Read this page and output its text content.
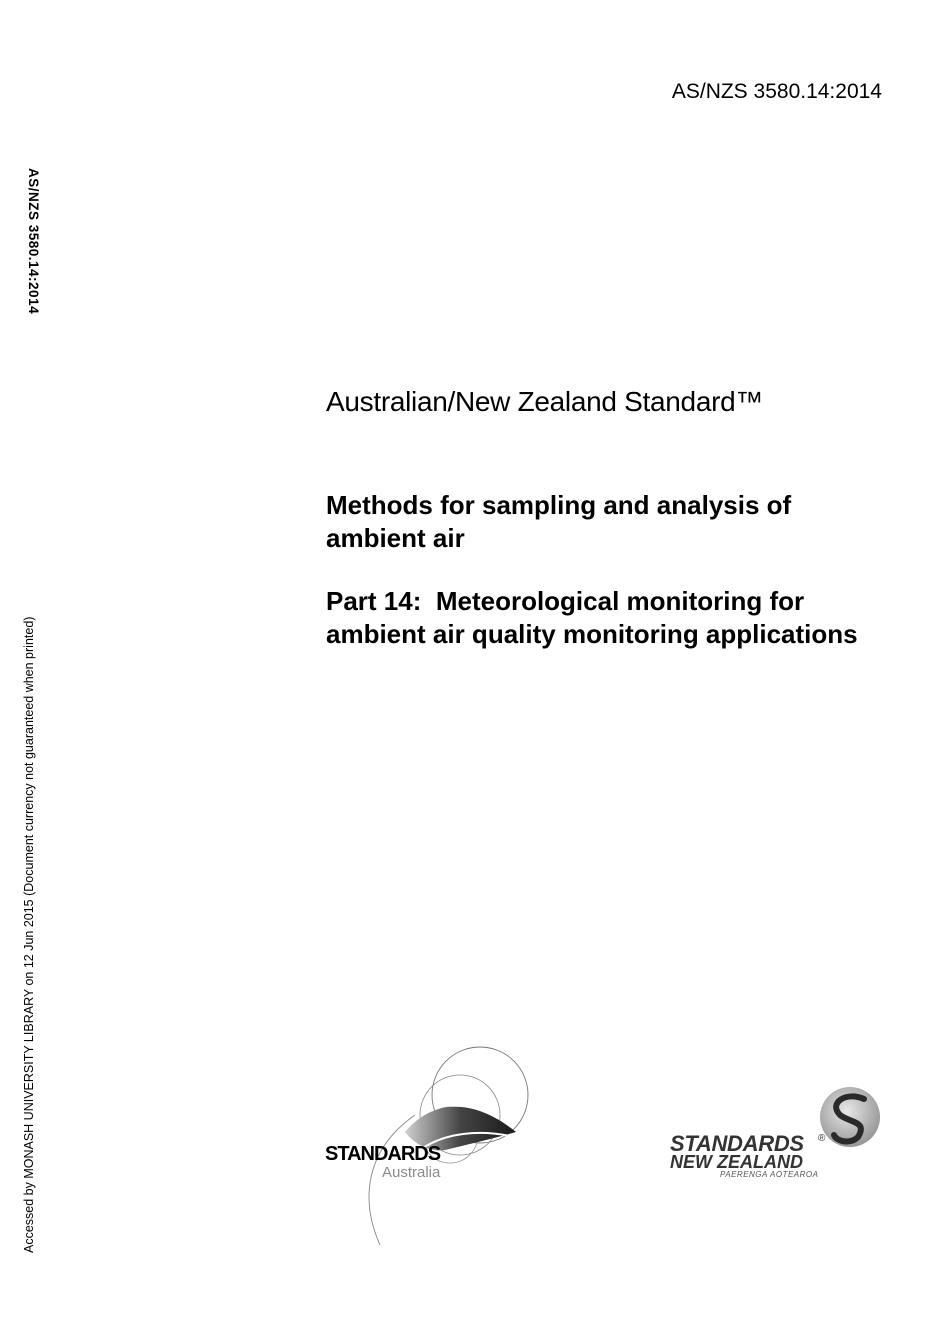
AS/NZS 3580.14:2014
AS/NZS 3580.14:2014
Accessed by MONASH UNIVERSITY LIBRARY on 12 Jun 2015 (Document currency not guaranteed when printed)
Australian/New Zealand Standard™
Methods for sampling and analysis of ambient air
Part 14:  Meteorological monitoring for ambient air quality monitoring applications
STANDARDS
Australia
STANDARDS ®
NEW ZEALAND
PAERENGA AOTEAROA
